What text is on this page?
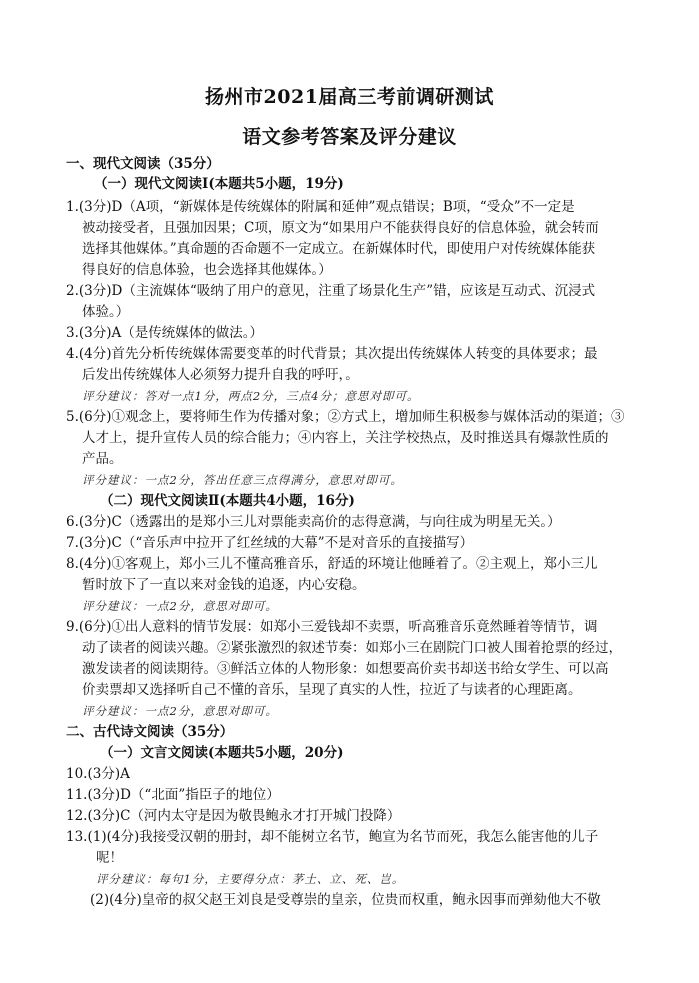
扬州市2021届高三考前调研测试
语文参考答案及评分建议
一、现代文阅读（35分）
（一）现代文阅读Ⅰ(本题共5小题，19分)
1.(3分)D（A项，“新媒体是传统媒体的附属和延伸”观点错误；B项，“受众”不一定是
被动接受者，且强加因果；C项，原文为“如果用户不能获得良好的信息体验，就会转而
选择其他媒体。”真命题的否命题不一定成立。在新媒体时代，即使用户对传统媒体能获
得良好的信息体验，也会选择其他媒体。）
2.(3分)D（主流媒体“吸纳了用户的意见，注重了场景化生产”错，应该是互动式、沉浸式
体验。）
3.(3分)A（是传统媒体的做法。）
4.(4分)首先分析传统媒体需要变革的时代背景；其次提出传统媒体人转变的具体要求；最
后发出传统媒体人必须努力提升自我的呼吁，。
评分建议：答对一点1分，两点2分，三点4分；意思对即可。
5.(6分)①观念上，要将师生作为传播对象；②方式上，增加师生积极参与媒体活动的渠道；③
人才上，提升宣传人员的综合能力；④内容上，关注学校热点，及时推送具有爆款性质的
产品。
评分建议：一点2分，答出任意三点得满分，意思对即可。
（二）现代文阅读Ⅱ(本题共4小题，16分)
6.(3分)C（透露出的是郑小三儿对票能卖高价的志得意满，与向往成为明星无关。）
7.(3分)C（“音乐声中拉开了红丝绒的大幕”不是对音乐的直接描写）
8.(4分)①客观上，郑小三儿不懂高雅音乐，舒适的环境让他睡着了。②主观上，郑小三儿
暂时放下了一直以来对金钱的追逐，内心安稳。
评分建议：一点2分，意思对即可。
9.(6分)①出人意料的情节发展：如郑小三爱钱却不卖票，听高雅音乐竟然睡着等情节，调
动了读者的阅读兴趣。②紧张激烈的叙述节奏：如郑小三在剧院门口被人围着抢票的经过，
激发读者的阅读期待。③鲜活立体的人物形象：如想要高价卖书却送书给女学生、可以高
价卖票却又选择听自己不懂的音乐，呈现了真实的人性，拉近了与读者的心理距离。
评分建议：一点2分，意思对即可。
二、古代诗文阅读（35分）
（一）文言文阅读(本题共5小题，20分)
10.(3分)A
11.(3分)D（“北面”指臣子的地位）
12.(3分)C（河内太守是因为敬畏鲍永才打开城门投降）
13.(1)(4分)我接受汉朝的册封，却不能树立名节，鲍宣为名节而死，我怎么能害他的儿子
呢！
评分建议：每句1分，主要得分点：茅土、立、死、岂。
(2)(4分)皇帝的叔父赵王刘良是受尊崇的皇亲，位贵而权重，鲍永因事而弹劾他大不敬
